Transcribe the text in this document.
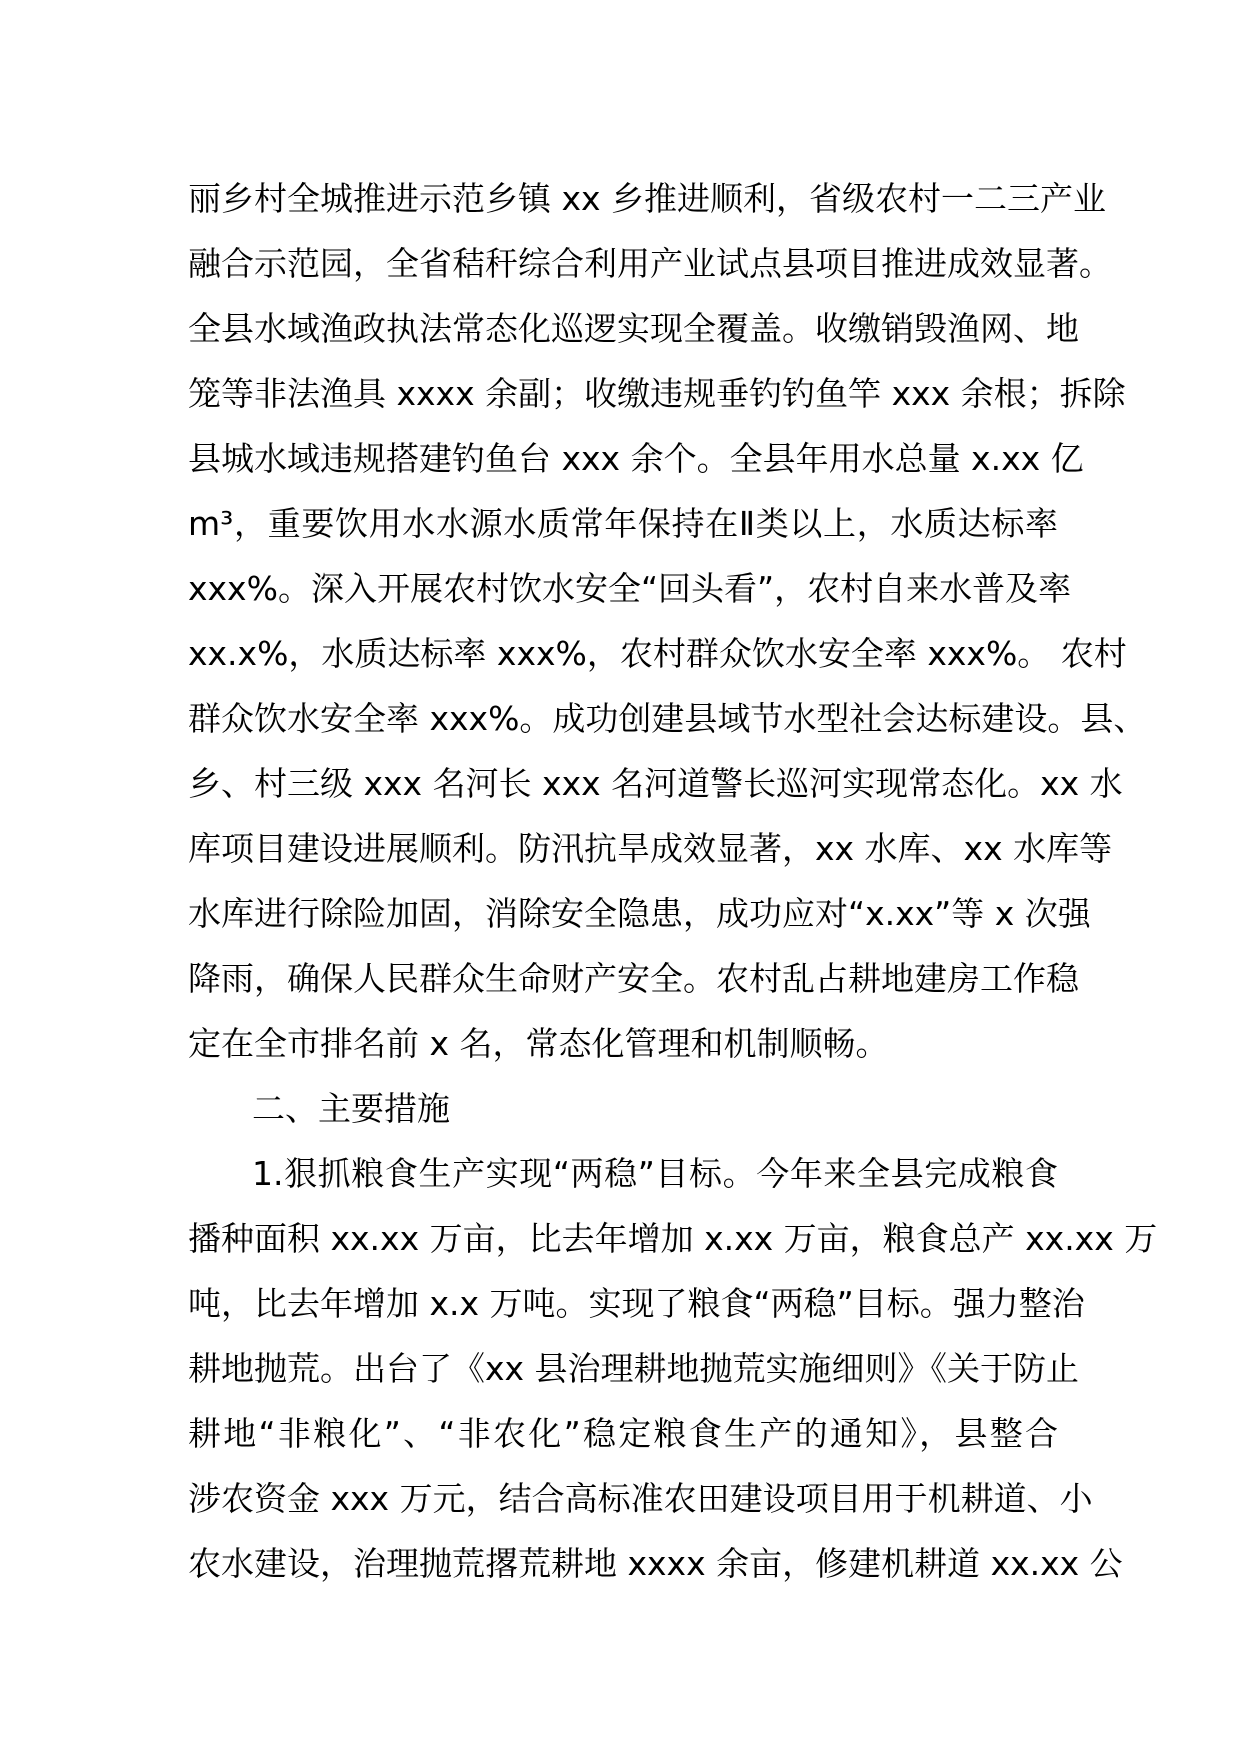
丽乡村全城推进示范乡镇 xx 乡推进顺利，省级农村一二三产业
融合示范园，全省秸秆综合利用产业试点县项目推进成效显著。
全县水域渔政执法常态化巡逻实现全覆盖。收缴销毁渔网、地
笼等非法渔具 xxxx 余副；收缴违规垂钓钓鱼竿 xxx 余根；拆除
县城水域违规搭建钓鱼台 xxx 余个。全县年用水总量 x.xx 亿
m³，重要饮用水水源水质常年保持在Ⅱ类以上，水质达标率
xxx%。深入开展农村饮水安全“回头看”，农村自来水普及率
xx.x%，水质达标率 xxx%，农村群众饮水安全率 xxx%。 农村
群众饮水安全率 xxx%。成功创建县域节水型社会达标建设。县、
乡、村三级 xxx 名河长 xxx 名河道警长巡河实现常态化。xx 水
库项目建设进展顺利。防汛抗旱成效显著，xx 水库、xx 水库等
水库进行除险加固，消除安全隐患，成功应对“x.xx”等 x 次强
降雨，确保人民群众生命财产安全。农村乱占耕地建房工作稳
定在全市排名前 x 名，常态化管理和机制顺畅。
二、主要措施
1.狠抓粮食生产实现“两稳”目标。今年来全县完成粮食
播种面积 xx.xx 万亩，比去年增加 x.xx 万亩，粮食总产 xx.xx 万
吨，比去年增加 x.x 万吨。实现了粮食“两稳”目标。强力整治
耕地抛荒。出台了《xx 县治理耕地抛荒实施细则》《关于防止
耕地“非粮化”、“非农化”稳定粮食生产的通知》，县整合
涉农资金 xxx 万元，结合高标准农田建设项目用于机耕道、小
农水建设，治理抛荒撂荒耕地 xxxx 余亩，修建机耕道 xx.xx 公
